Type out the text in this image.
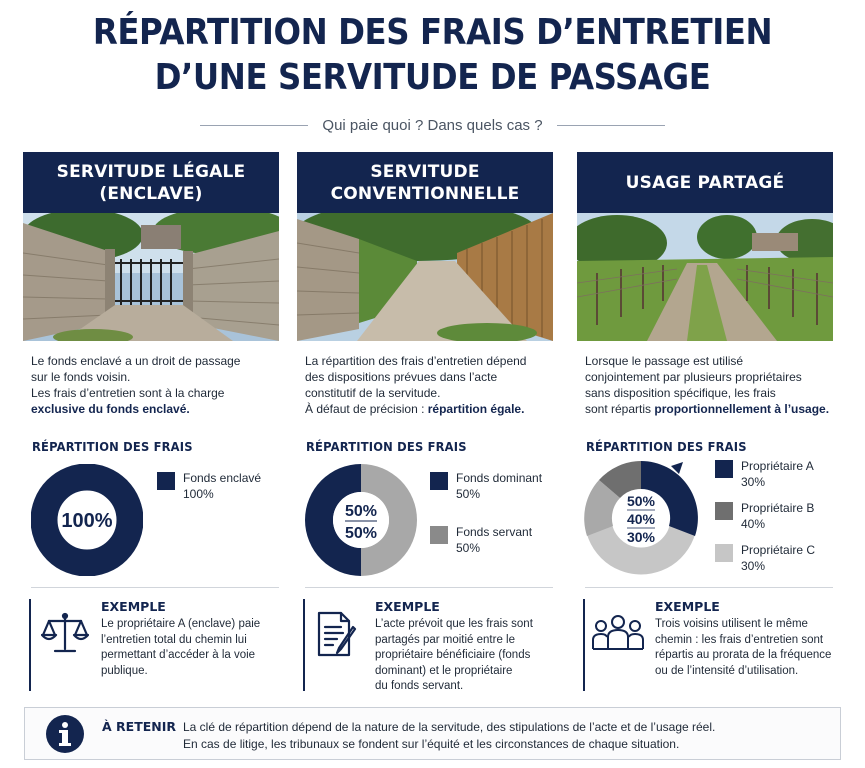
RÉPARTITION DES FRAIS D’ENTRETIEN
D’UNE SERVITUDE DE PASSAGE
Qui paie quoi ? Dans quels cas ?
SERVITUDE LÉGALE
(ENCLAVE)
Le fonds enclavé a un droit de passage
sur le fonds voisin.
Les frais d’entretien sont à la charge
exclusive du fonds enclavé.
RÉPARTITION DES FRAIS
100%
Fonds enclavé
100%
EXEMPLE
Le propriétaire A (enclave) paie
l’entretien total du chemin lui
permettant d’accéder à la voie
publique.
SERVITUDE
CONVENTIONNELLE
La répartition des frais d’entretien dépend
des dispositions prévues dans l’acte
constitutif de la servitude.
À défaut de précision : répartition égale.
RÉPARTITION DES FRAIS
50%
50%
Fonds dominant
50%
Fonds servant
50%
EXEMPLE
L’acte prévoit que les frais sont
partagés par moitié entre le
propriétaire bénéficiaire (fonds
dominant) et le propriétaire
du fonds servant.
USAGE PARTAGÉ
Lorsque le passage est utilisé
conjointement par plusieurs propriétaires
sans disposition spécifique, les frais
sont répartis proportionnellement à l’usage.
RÉPARTITION DES FRAIS
50%
40%
30%
Propriétaire A
30%
Propriétaire B
40%
Propriétaire C
30%
EXEMPLE
Trois voisins utilisent le même
chemin : les frais d’entretien sont
répartis au prorata de la fréquence
ou de l’intensité d’utilisation.
À RETENIR La clé de répartition dépend de la nature de la servitude, des stipulations de l’acte et de l’usage réel.
En cas de litige, les tribunaux se fondent sur l’équité et les circonstances de chaque situation.
